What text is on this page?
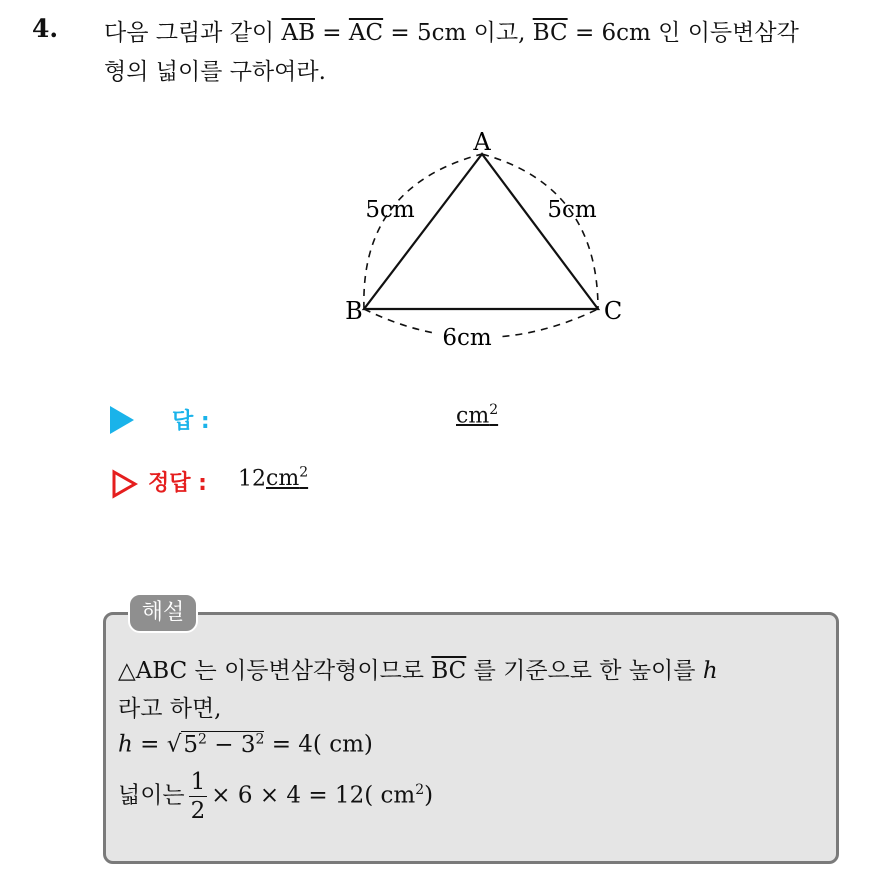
4. 다음 그림과 같이 $\overline{AB} = \overline{AC} = 5cm$ 이고, $\overline{BC} = 6cm$ 인 이등변삼각
형의 넓이를 구하여라.
A
B	C
5cm	5cm
6cm
답 :	$cm^2$
정답 : $12cm^2$
해설
△ABC 는 이등변삼각형이므로 $\overline{BC}$ 를 기준으로 한 높이를 h
라고 하면,
$h = √5^2 - 3^2 = 4$( cm)
넓이는 $\frac{1}{2} \times 6 \times 4 = 12$( $cm^2$)
